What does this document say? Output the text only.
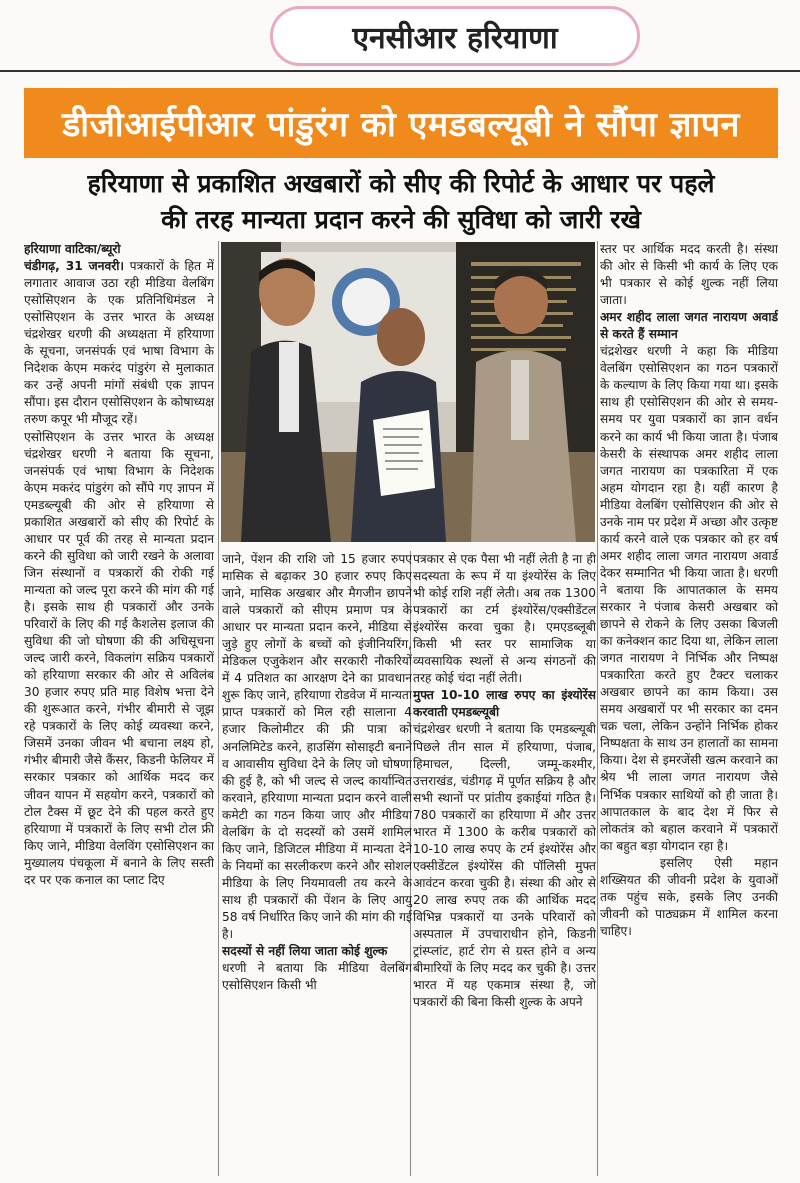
एनसीआर हरियाणा
डीजीआईपीआर पांडुरंग को एमडबल्यूबी ने सौंपा ज्ञापन
हरियाणा से प्रकाशित अखबारों को सीए की रिपोर्ट के आधार पर पहले
की तरह मान्यता प्रदान करने की सुविधा को जारी रखे

हरियाणा वाटिका/ब्यूरो

चंडीगढ़, 31 जनवरी। पत्रकारों के हित में लगातार आवाज उठा रही मीडिया वेलबिंग एसोसिएशन के एक प्रतिनिधिमंडल ने एसोसिएशन के उत्तर भारत के अध्यक्ष चंद्रशेखर धरणी की अध्यक्षता में हरियाणा के सूचना, जनसंपर्क एवं भाषा विभाग के निदेशक केएम मकरंद पांडुरंग से मुलाकात कर उन्हें अपनी मांगों संबंधी एक ज्ञापन सौंपा। इस दौरान एसोसिएशन के कोषाध्यक्ष तरुण कपूर भी मौजूद रहें।

एसोसिएशन के उत्तर भारत के अध्यक्ष चंद्रशेखर धरणी ने बताया कि सूचना, जनसंपर्क एवं भाषा विभाग के निदेशक केएम मकरंद पांडुरंग को सौंपे गए ज्ञापन में एमडब्ल्यूबी की ओर से हरियाणा से प्रकाशित अखबारों को सीए की रिपोर्ट के आधार पर पूर्व की तरह से मान्यता प्रदान करने की सुविधा को जारी रखने के अलावा जिन संस्थानों व पत्रकारों की रोकी गई मान्यता को जल्द पूरा करने की मांग की गई है। इसके साथ ही पत्रकारों और उनके परिवारों के लिए की गई कैशलेस इलाज की सुविधा की जो घोषणा की की अधिसूचना जल्द जारी करने, विकलांग सक्रिय पत्रकारों को हरियाणा सरकार की ओर से अविलंब 30 हजार रुपए प्रति माह विशेष भत्ता देने की शुरूआत करने, गंभीर बीमारी से जूझ रहे पत्रकारों के लिए कोई व्यवस्था करने, जिसमें उनका जीवन भी बचाना लक्ष्य हो, गंभीर बीमारी जैसे कैंसर, किडनी फेलियर में सरकार पत्रकार को आर्थिक मदद कर जीवन यापन में सहयोग करने, पत्रकारों को टोल टैक्स में छूट देने की पहल करते हुए हरियाणा में पत्रकारों के लिए सभी टोल फ्री किए जाने, मीडिया वेलविंग एसोसिएशन का मुख्यालय पंचकूला में बनाने के लिए सस्ती दर पर एक कनाल का प्लाट दिए

जाने, पेंशन की राशि जो 15 हजार रुपए मासिक से बढ़ाकर 30 हजार रुपए किए जाने, मासिक अखबार और मैगजीन छापने वाले पत्रकारों को सीएम प्रमाण पत्र के आधार पर मान्यता प्रदान करने, मीडिया से जुड़े हुए लोगों के बच्चों को इंजीनियरिंग, मेडिकल एजुकेशन और सरकारी नौकरियों में 4 प्रतिशत का आरक्षण देने का प्रावधान शुरू किए जाने, हरियाणा रोडवेज में मान्यता प्राप्त पत्रकारों को मिल रही सालाना 4 हजार किलोमीटर की फ्री पात्रा को अनलिमिटेड करने, हाउसिंग सोसाइटी बनाने व आवासीय सुविधा देने के लिए जो घोषणा की हुई है, को भी जल्द से जल्द कार्यान्वित करवाने, हरियाणा मान्यता प्रदान करने वाली कमेटी का गठन किया जाए और मीडिया वेलबिंग के दो सदस्यों को उसमें शामिल किए जाने, डिजिटल मीडिया में मान्यता देने के नियमों का सरलीकरण करने और सोशल मीडिया के लिए नियमावली तय करने के साथ ही पत्रकारों की पेंशन के लिए आयु 58 वर्ष निर्धारित किए जाने की मांग की गई है।

सदस्यों से नहीं लिया जाता कोई शुल्क

धरणी ने बताया कि मीडिया वेलबिंग एसोसिएशन किसी भी

पत्रकार से एक पैसा भी नहीं लेती है ना ही सदस्यता के रूप में या इंश्योरेंस के लिए भी कोई राशि नहीं लेती। अब तक 1300 पत्रकारों का टर्म इंश्योरेंस/एक्सीडेंटल इंश्योरेंस करवा चुका है। एमएडब्लूबी किसी भी स्तर पर सामाजिक या व्यवसायिक स्थलों से अन्य संगठनों की तरह कोई चंदा नहीं लेती।

मुफ्त 10-10 लाख रुपए का इंश्योरेंस करवाती एमडब्ल्यूबी

चंद्रशेखर धरणी ने बताया कि एमडब्ल्यूबी पिछले तीन साल में हरियाणा, पंजाब, हिमाचल, दिल्ली, जम्मू-कश्मीर, उत्तराखंड, चंडीगढ़ में पूर्णत सक्रिय है और सभी स्थानों पर प्रांतीय इकाईयां गठित है। 780 पत्रकारों का हरियाणा में और उत्तर भारत में 1300 के करीब पत्रकारों को 10-10 लाख रुपए के टर्म इंश्योरेंस और एक्सीडेंटल इंश्योरेंस की पॉलिसी मुफ्त आवंटन करवा चुकी है। संस्था की ओर से 20 लाख रुपए तक की आर्थिक मदद विभिन्न पत्रकारों या उनके परिवारों को अस्पताल में उपचाराधीन होने, किडनी ट्रांस्प्लांट, हार्ट रोग से ग्रस्त होने व अन्य बीमारियों के लिए मदद कर चुकी है। उत्तर भारत में यह एकमात्र संस्था है, जो पत्रकारों की बिना किसी शुल्क के अपने

स्तर पर आर्थिक मदद करती है। संस्था की ओर से किसी भी कार्य के लिए एक भी पत्रकार से कोई शुल्क नहीं लिया जाता।

अमर शहीद लाला जगत नारायण अवार्ड से करते हैं सम्मान

चंद्रशेखर धरणी ने कहा कि मीडिया वेलबिंग एसोसिएशन का गठन पत्रकारों के कल्याण के लिए किया गया था। इसके साथ ही एसोसिएशन की ओर से समय-समय पर युवा पत्रकारों का ज्ञान वर्धन करने का कार्य भी किया जाता है। पंजाब केसरी के संस्थापक अमर शहीद लाला जगत नारायण का पत्रकारिता में एक अहम योगदान रहा है। यहीं कारण है मीडिया वेलबिंग एसोसिएशन की ओर से उनके नाम पर प्रदेश में अच्छा और उत्कृष्ट कार्य करने वाले एक पत्रकार को हर वर्ष अमर शहीद लाला जगत नारायण अवार्ड देकर सम्मानित भी किया जाता है। धरणी ने बताया कि आपातकाल के समय सरकार ने पंजाब केसरी अखबार को छापने से रोकने के लिए उसका बिजली का कनेक्शन काट दिया था, लेकिन लाला जगत नारायण ने निर्भिक और निष्पक्ष पत्रकारिता करते हुए टैक्टर चलाकर अखबार छापने का काम किया। उस समय अखबारों पर भी सरकार का दमन चक्र चला, लेकिन उन्होंने निर्भिक होकर निष्पक्षता के साथ उन हालातों का सामना किया। देश से इमरजेंसी खत्म करवाने का श्रेय भी लाला जगत नारायण जैसे निर्भिक पत्रकार साथियों को ही जाता है। आपातकाल के बाद देश में फिर से लोकतंत्र को बहाल करवाने में पत्रकारों का बहुत बड़ा योगदान रहा है।

इसलिए ऐसी महान शख्सियत की जीवनी प्रदेश के युवाओं तक पहुंच सके, इसके लिए उनकी जीवनी को पाठ्यक्रम में शामिल करना चाहिए।
